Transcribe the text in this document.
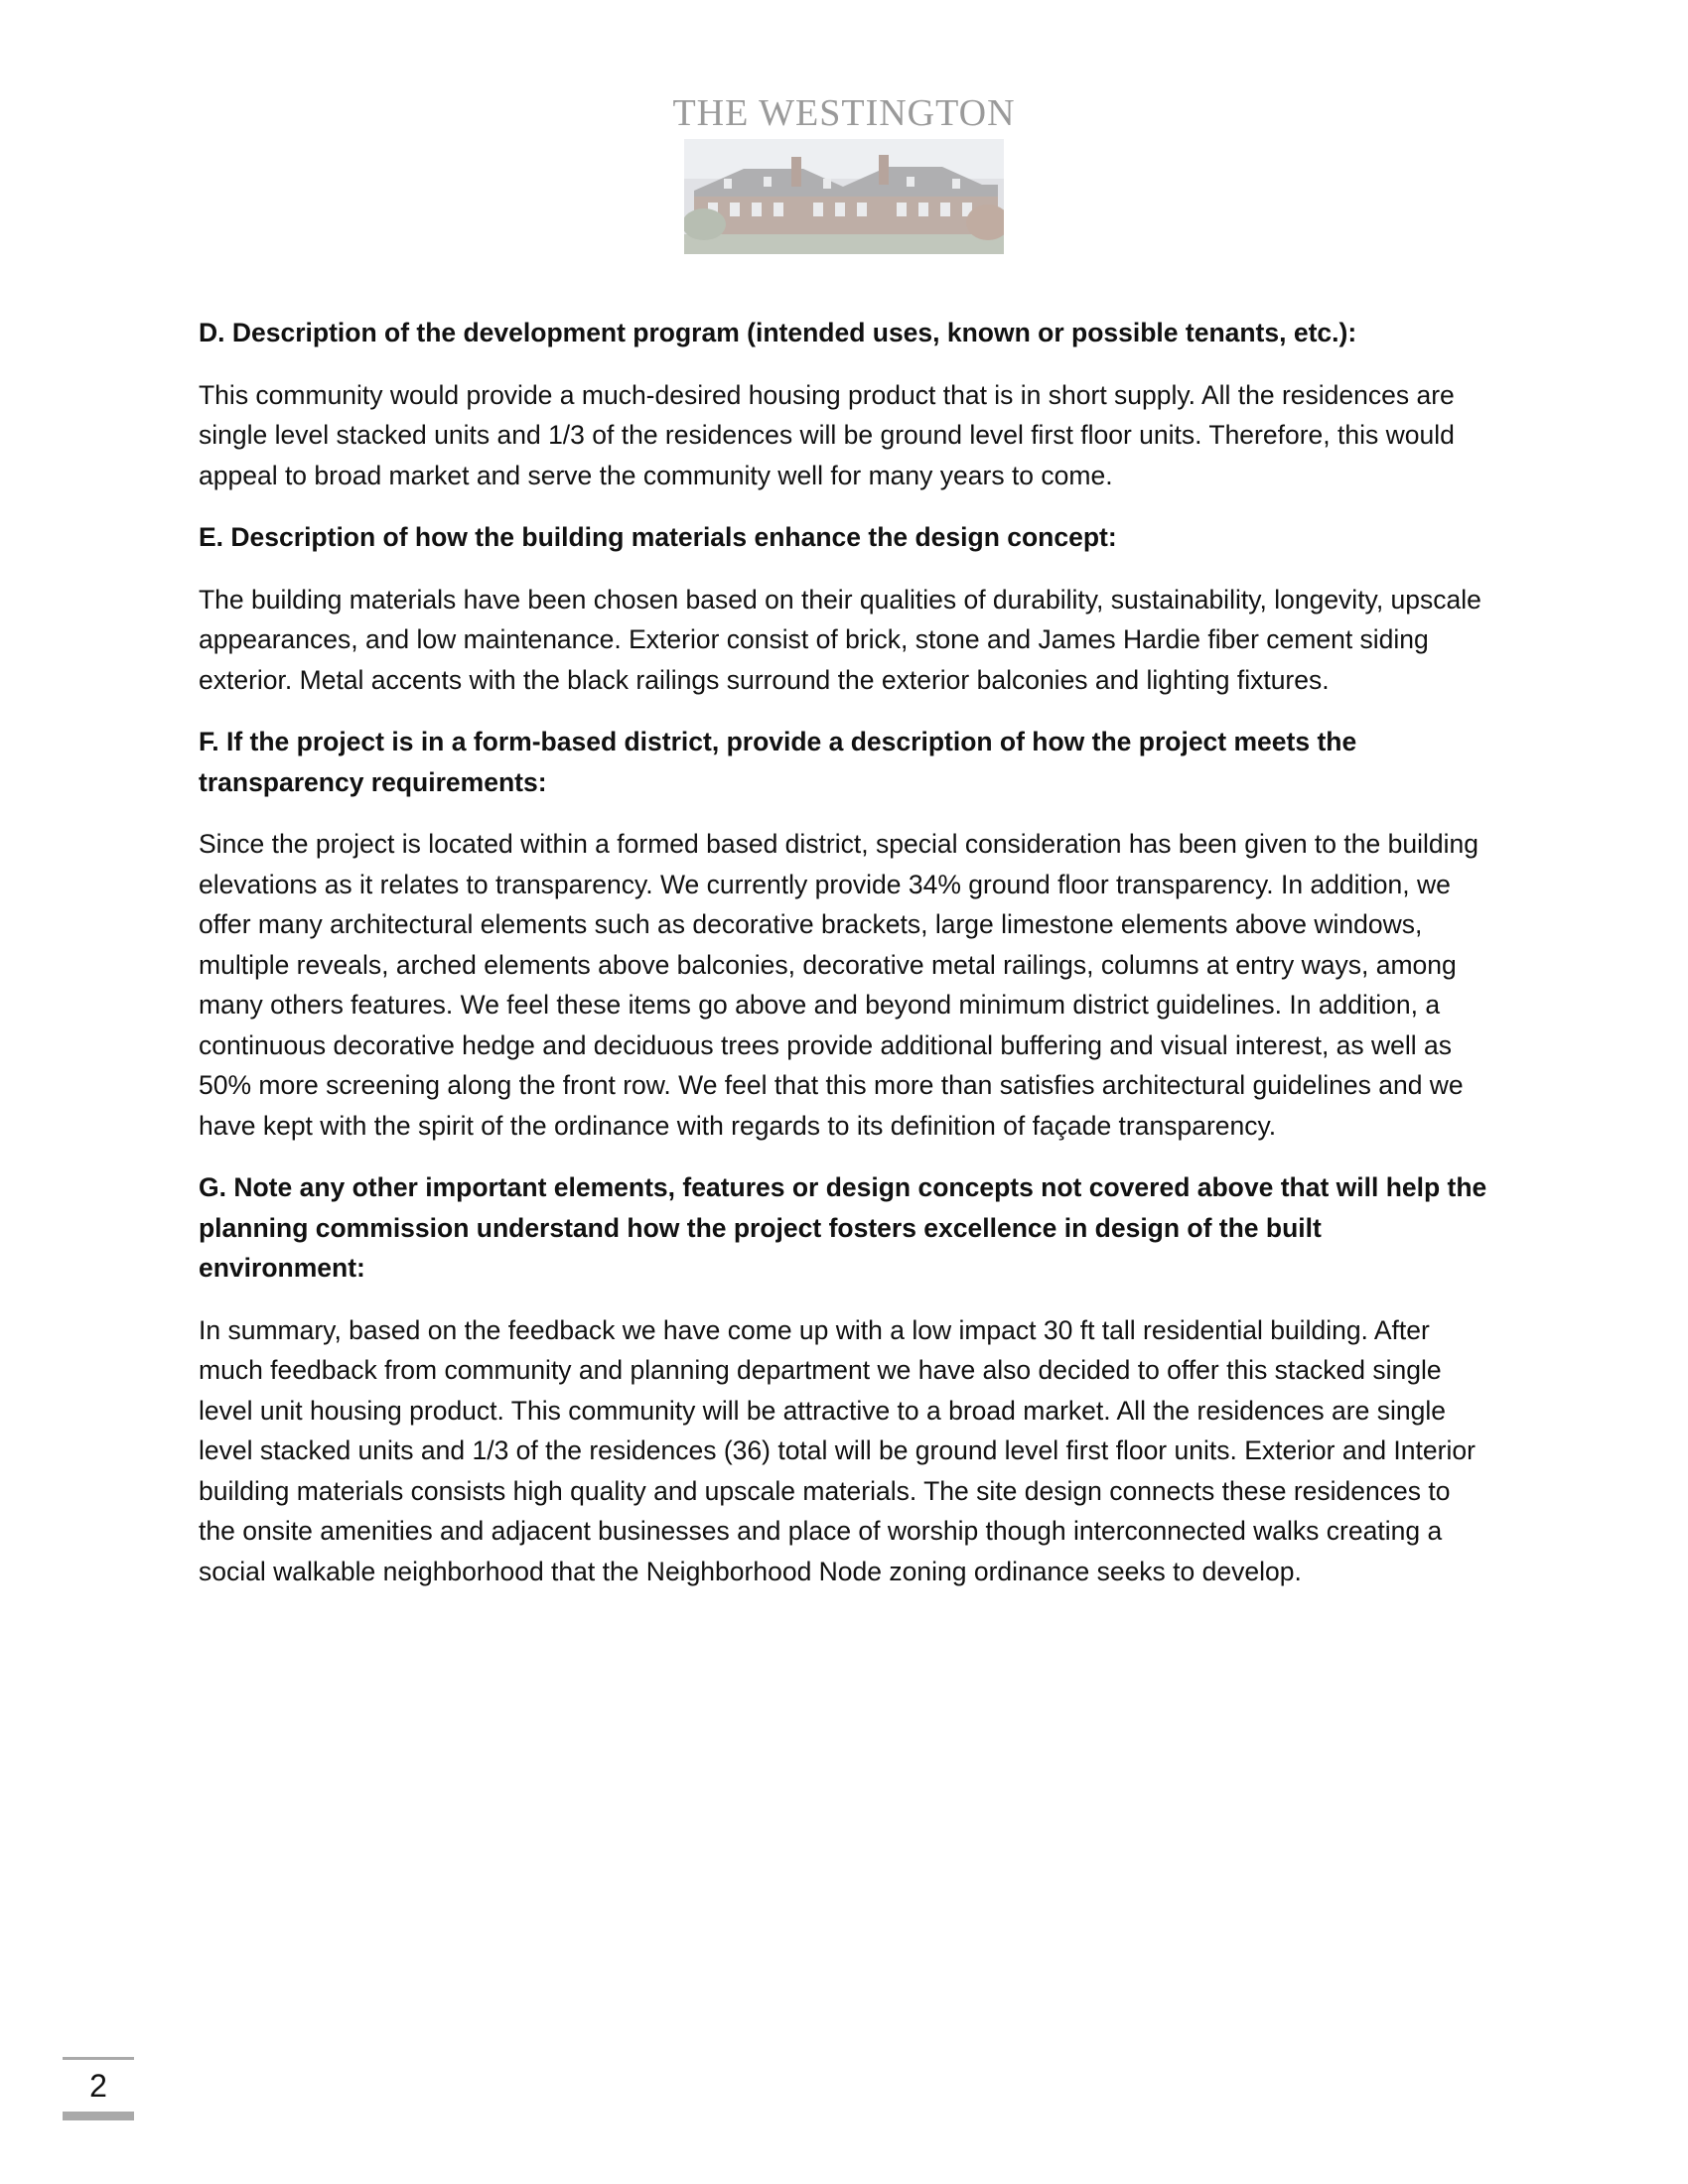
THE WESTINGTON

D. Description of the development program (intended uses, known or possible tenants, etc.):

This community would provide a much-desired housing product that is in short supply. All the residences are single level stacked units and 1/3 of the residences will be ground level first floor units. Therefore, this would appeal to broad market and serve the community well for many years to come.

E. Description of how the building materials enhance the design concept:

The building materials have been chosen based on their qualities of durability, sustainability, longevity, upscale appearances, and low maintenance. Exterior consist of brick, stone and James Hardie fiber cement siding exterior. Metal accents with the black railings surround the exterior balconies and lighting fixtures.

F. If the project is in a form-based district, provide a description of how the project meets the transparency requirements:

Since the project is located within a formed based district, special consideration has been given to the building elevations as it relates to transparency. We currently provide 34% ground floor transparency. In addition, we offer many architectural elements such as decorative brackets, large limestone elements above windows, multiple reveals, arched elements above balconies, decorative metal railings, columns at entry ways, among many others features. We feel these items go above and beyond minimum district guidelines. In addition, a continuous decorative hedge and deciduous trees provide additional buffering and visual interest, as well as 50% more screening along the front row. We feel that this more than satisfies architectural guidelines and we have kept with the spirit of the ordinance with regards to its definition of façade transparency.

G. Note any other important elements, features or design concepts not covered above that will help the planning commission understand how the project fosters excellence in design of the built environment:

In summary, based on the feedback we have come up with a low impact 30 ft tall residential building. After much feedback from community and planning department we have also decided to offer this stacked single level unit housing product. This community will be attractive to a broad market. All the residences are single level stacked units and 1/3 of the residences (36) total will be ground level first floor units. Exterior and Interior building materials consists high quality and upscale materials. The site design connects these residences to the onsite amenities and adjacent businesses and place of worship though interconnected walks creating a social walkable neighborhood that the Neighborhood Node zoning ordinance seeks to develop.

2
